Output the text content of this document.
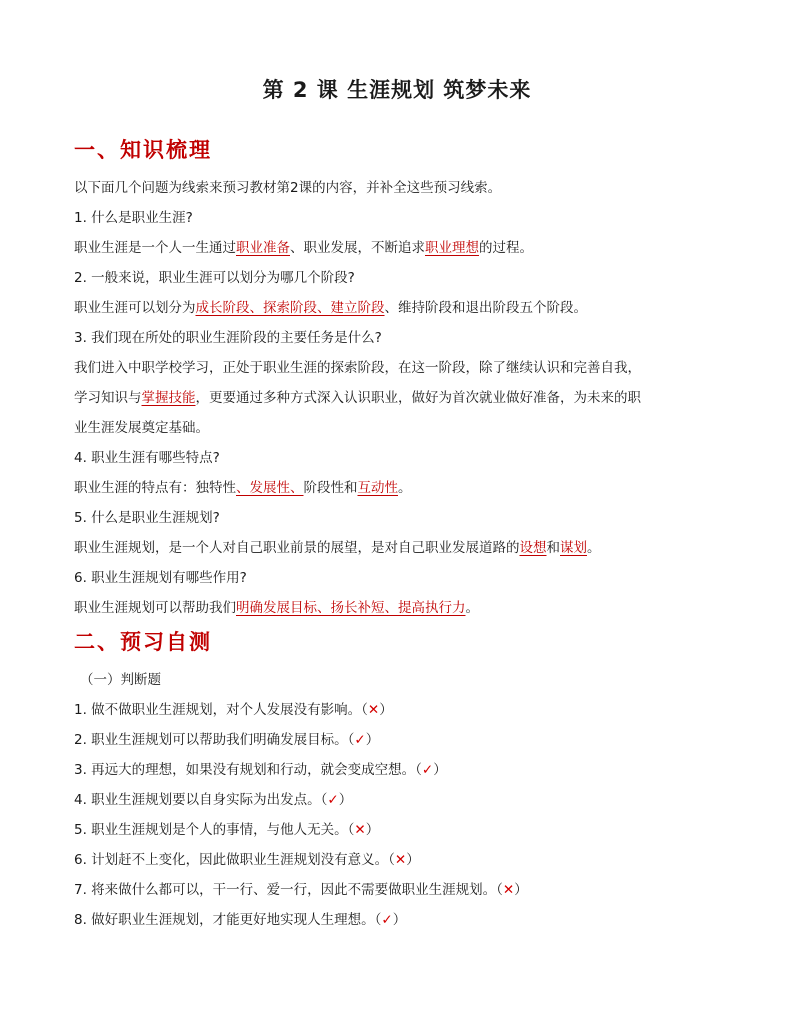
第 2 课 生涯规划 筑梦未来
一、知识梳理
以下面几个问题为线索来预习教材第2课的内容，并补全这些预习线索。
1. 什么是职业生涯?
职业生涯是一个人一生通过职业准备、职业发展，不断追求职业理想的过程。
2. 一般来说，职业生涯可以划分为哪几个阶段?
职业生涯可以划分为成长阶段、探索阶段、建立阶段、维持阶段和退出阶段五个阶段。
3. 我们现在所处的职业生涯阶段的主要任务是什么?
我们进入中职学校学习，正处于职业生涯的探索阶段，在这一阶段，除了继续认识和完善自我，
学习知识与掌握技能，更要通过多种方式深入认识职业，做好为首次就业做好准备，为未来的职
业生涯发展奠定基础。
4. 职业生涯有哪些特点?
职业生涯的特点有：独特性、发展性、阶段性和互动性。
5. 什么是职业生涯规划?
职业生涯规划，是一个人对自己职业前景的展望，是对自己职业发展道路的设想和谋划。
6. 职业生涯规划有哪些作用?
职业生涯规划可以帮助我们明确发展目标、扬长补短、提高执行力。
二、预习自测
（一）判断题
1. 做不做职业生涯规划，对个人发展没有影响。（✕）
2. 职业生涯规划可以帮助我们明确发展目标。（✓）
3. 再远大的理想，如果没有规划和行动，就会变成空想。（✓）
4. 职业生涯规划要以自身实际为出发点。（✓）
5. 职业生涯规划是个人的事情，与他人无关。（✕）
6. 计划赶不上变化，因此做职业生涯规划没有意义。（✕）
7. 将来做什么都可以，干一行、爱一行，因此不需要做职业生涯规划。（✕）
8. 做好职业生涯规划，才能更好地实现人生理想。（✓）
